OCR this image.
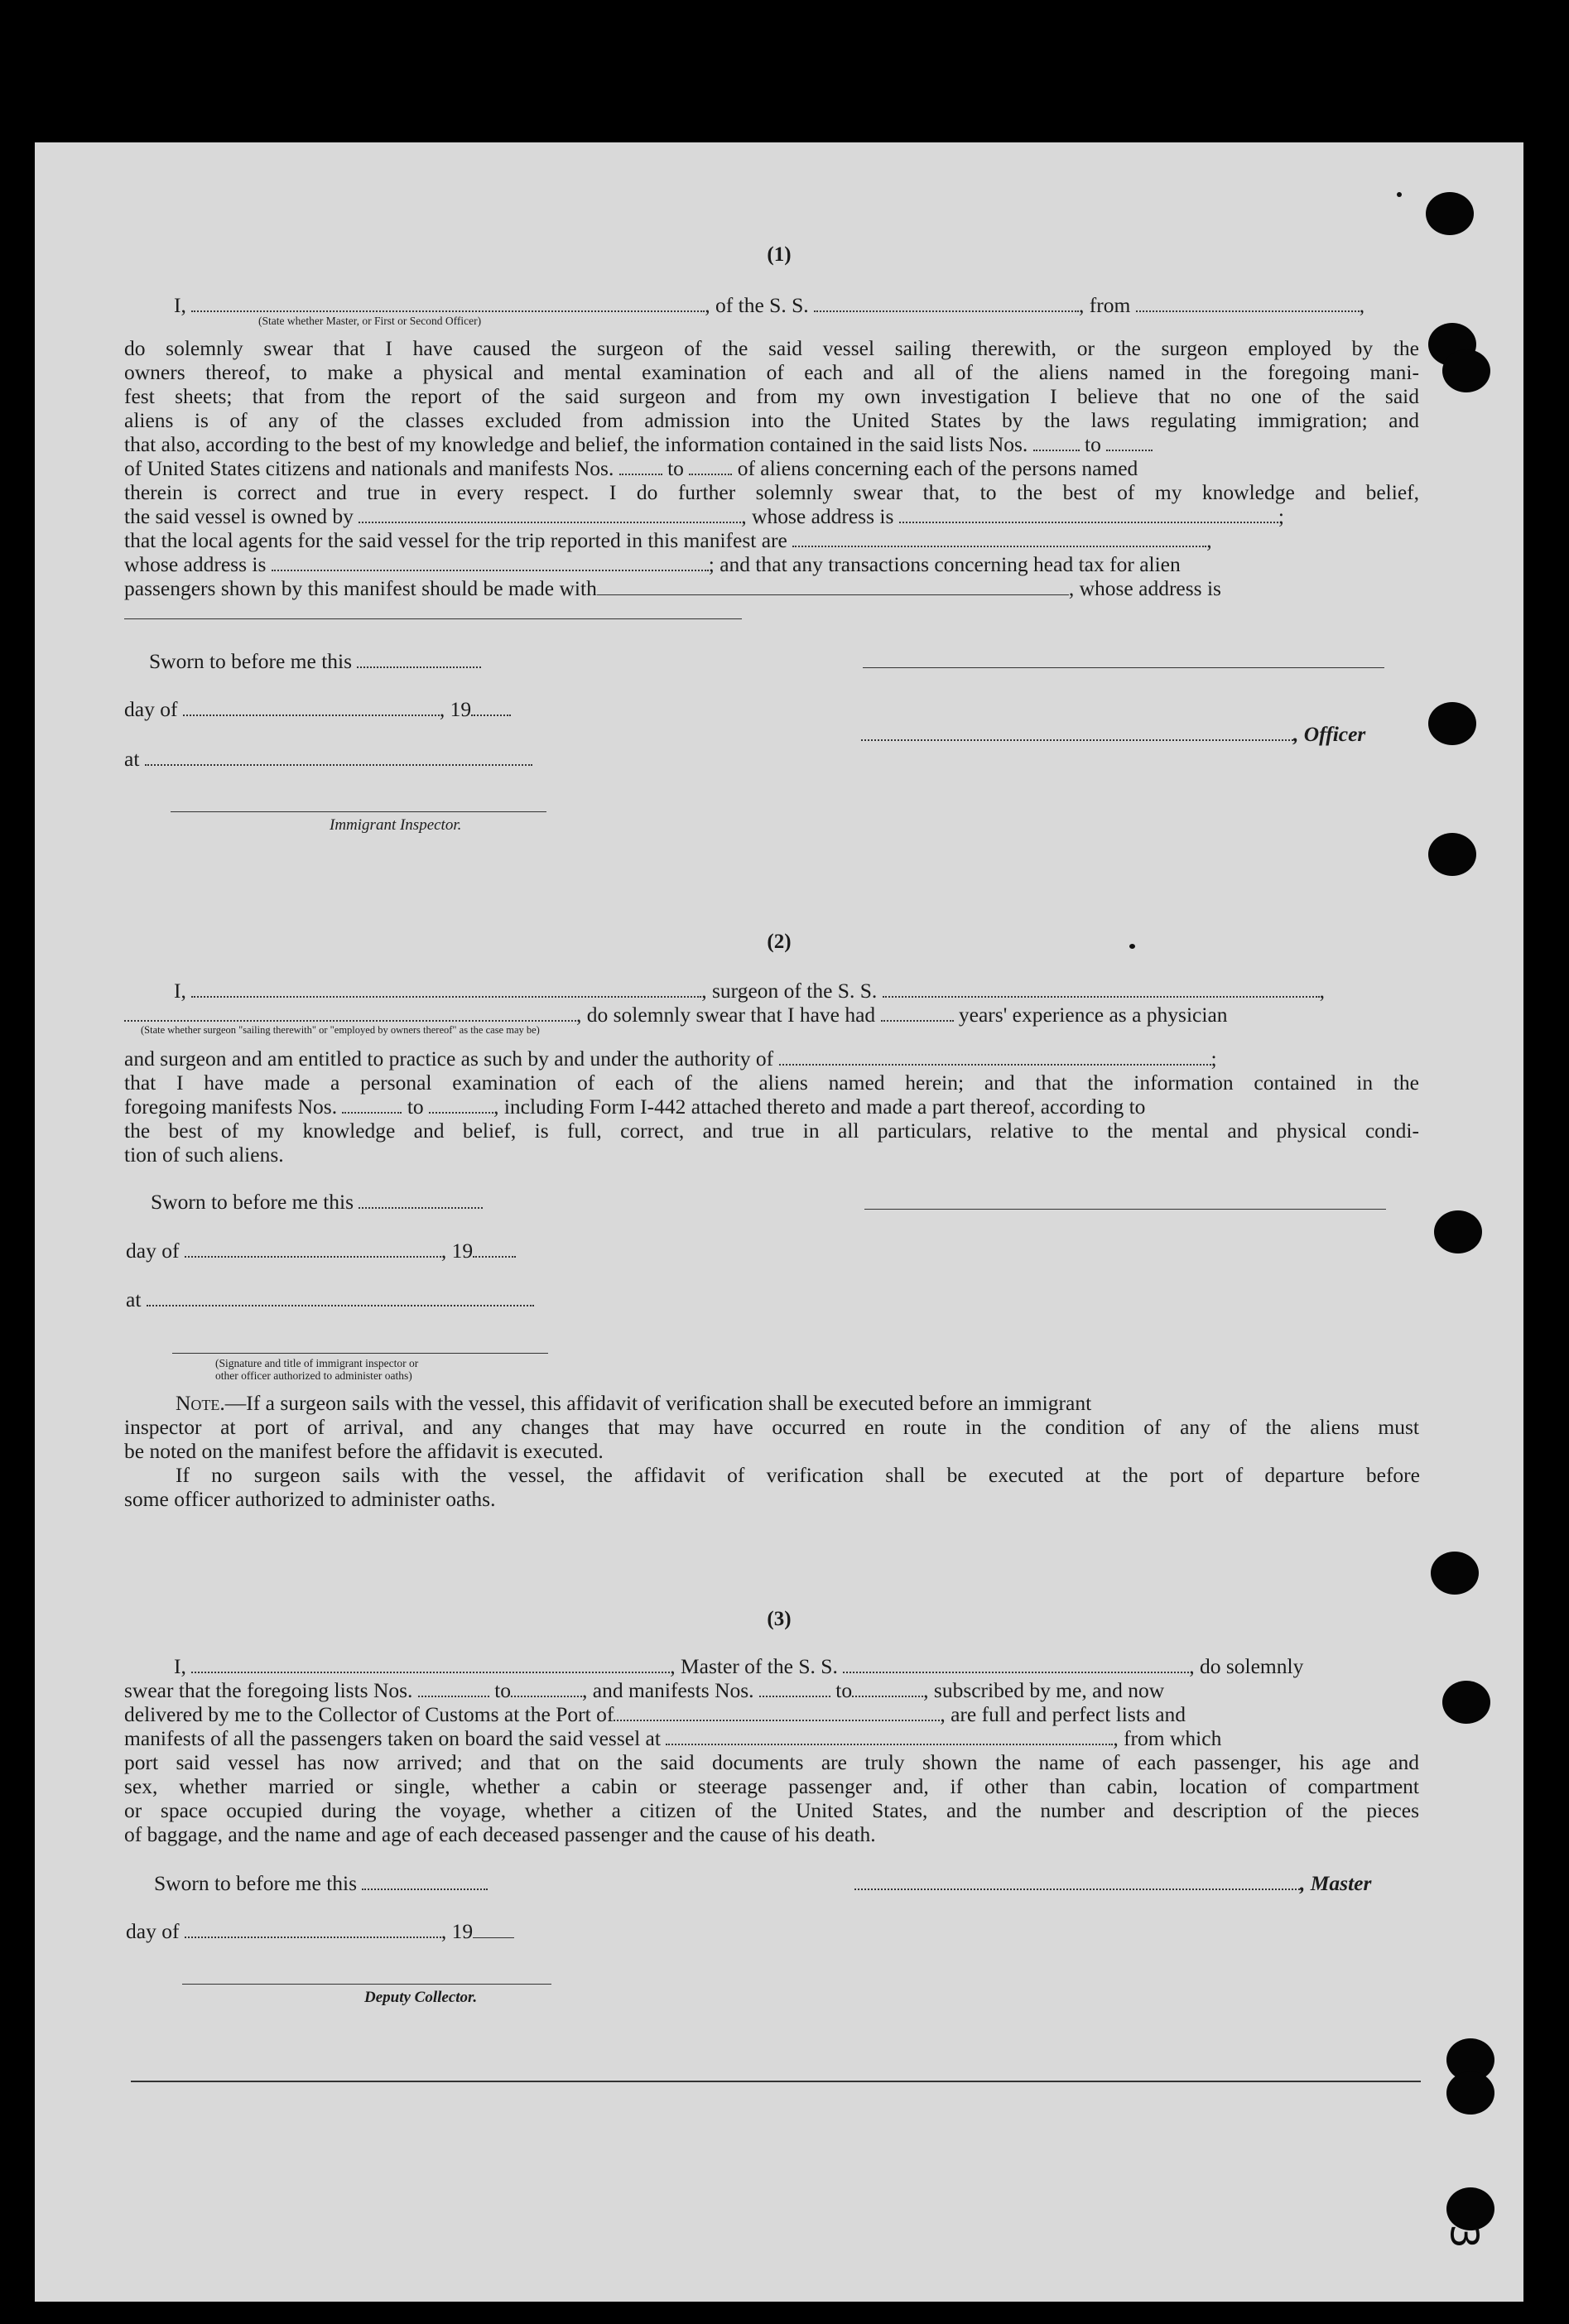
3
(1)
I,	, of the S. S.	, from	,
(State whether Master, or First or Second Officer)
do solemnly swear that I have caused the surgeon of the said vessel sailing therewith, or the surgeon employed by the
owners thereof, to make a physical and mental examination of each and all of the aliens named in the foregoing mani-
fest sheets; that from the report of the said surgeon and from my own investigation I believe that no one of the said
aliens is of any of the classes excluded from admission into the United States by the laws regulating immigration; and
that also, according to the best of my knowledge and belief, the information contained in the said lists Nos.	to
of United States citizens and nationals and manifests Nos.	to	of aliens concerning each of the persons named
therein is correct and true in every respect. I do further solemnly swear that, to the best of my knowledge and belief,
the said vessel is owned by	, whose address is	;
that the local agents for the said vessel for the trip reported in this manifest are	,
whose address is	; and that any transactions concerning head tax for alien
passengers shown by this manifest should be made with	, whose address is
Sworn to before me this
day of	, 19
, Officer
at
Immigrant Inspector.
(2)
I,	, surgeon of the S. S.	,
, do solemnly swear that I have had	years' experience as a physician
(State whether surgeon "sailing therewith" or "employed by owners thereof" as the case may be)
and surgeon and am entitled to practice as such by and under the authority of	;
that I have made a personal examination of each of the aliens named herein; and that the information contained in the
foregoing manifests Nos.	to	, including Form I-442 attached thereto and made a part thereof, according to
the best of my knowledge and belief, is full, correct, and true in all particulars, relative to the mental and physical condi-
tion of such aliens.
Sworn to before me this
day of	, 19
at
(Signature and title of immigrant inspector or
other officer authorized to administer oaths)
Note.—If a surgeon sails with the vessel, this affidavit of verification shall be executed before an immigrant
inspector at port of arrival, and any changes that may have occurred en route in the condition of any of the aliens must
be noted on the manifest before the affidavit is executed.
If no surgeon sails with the vessel, the affidavit of verification shall be executed at the port of departure before
some officer authorized to administer oaths.
(3)
I,	, Master of the S. S.	, do solemnly
swear that the foregoing lists Nos.	to	, and manifests Nos.	to	, subscribed by me, and now
delivered by me to the Collector of Customs at the Port of	, are full and perfect lists and
manifests of all the passengers taken on board the said vessel at	, from which
port said vessel has now arrived; and that on the said documents are truly shown the name of each passenger, his age and
sex, whether married or single, whether a cabin or steerage passenger and, if other than cabin, location of compartment
or space occupied during the voyage, whether a citizen of the United States, and the number and description of the pieces
of baggage, and the name and age of each deceased passenger and the cause of his death.
Sworn to before me this	, Master
day of	, 19
Deputy Collector.
